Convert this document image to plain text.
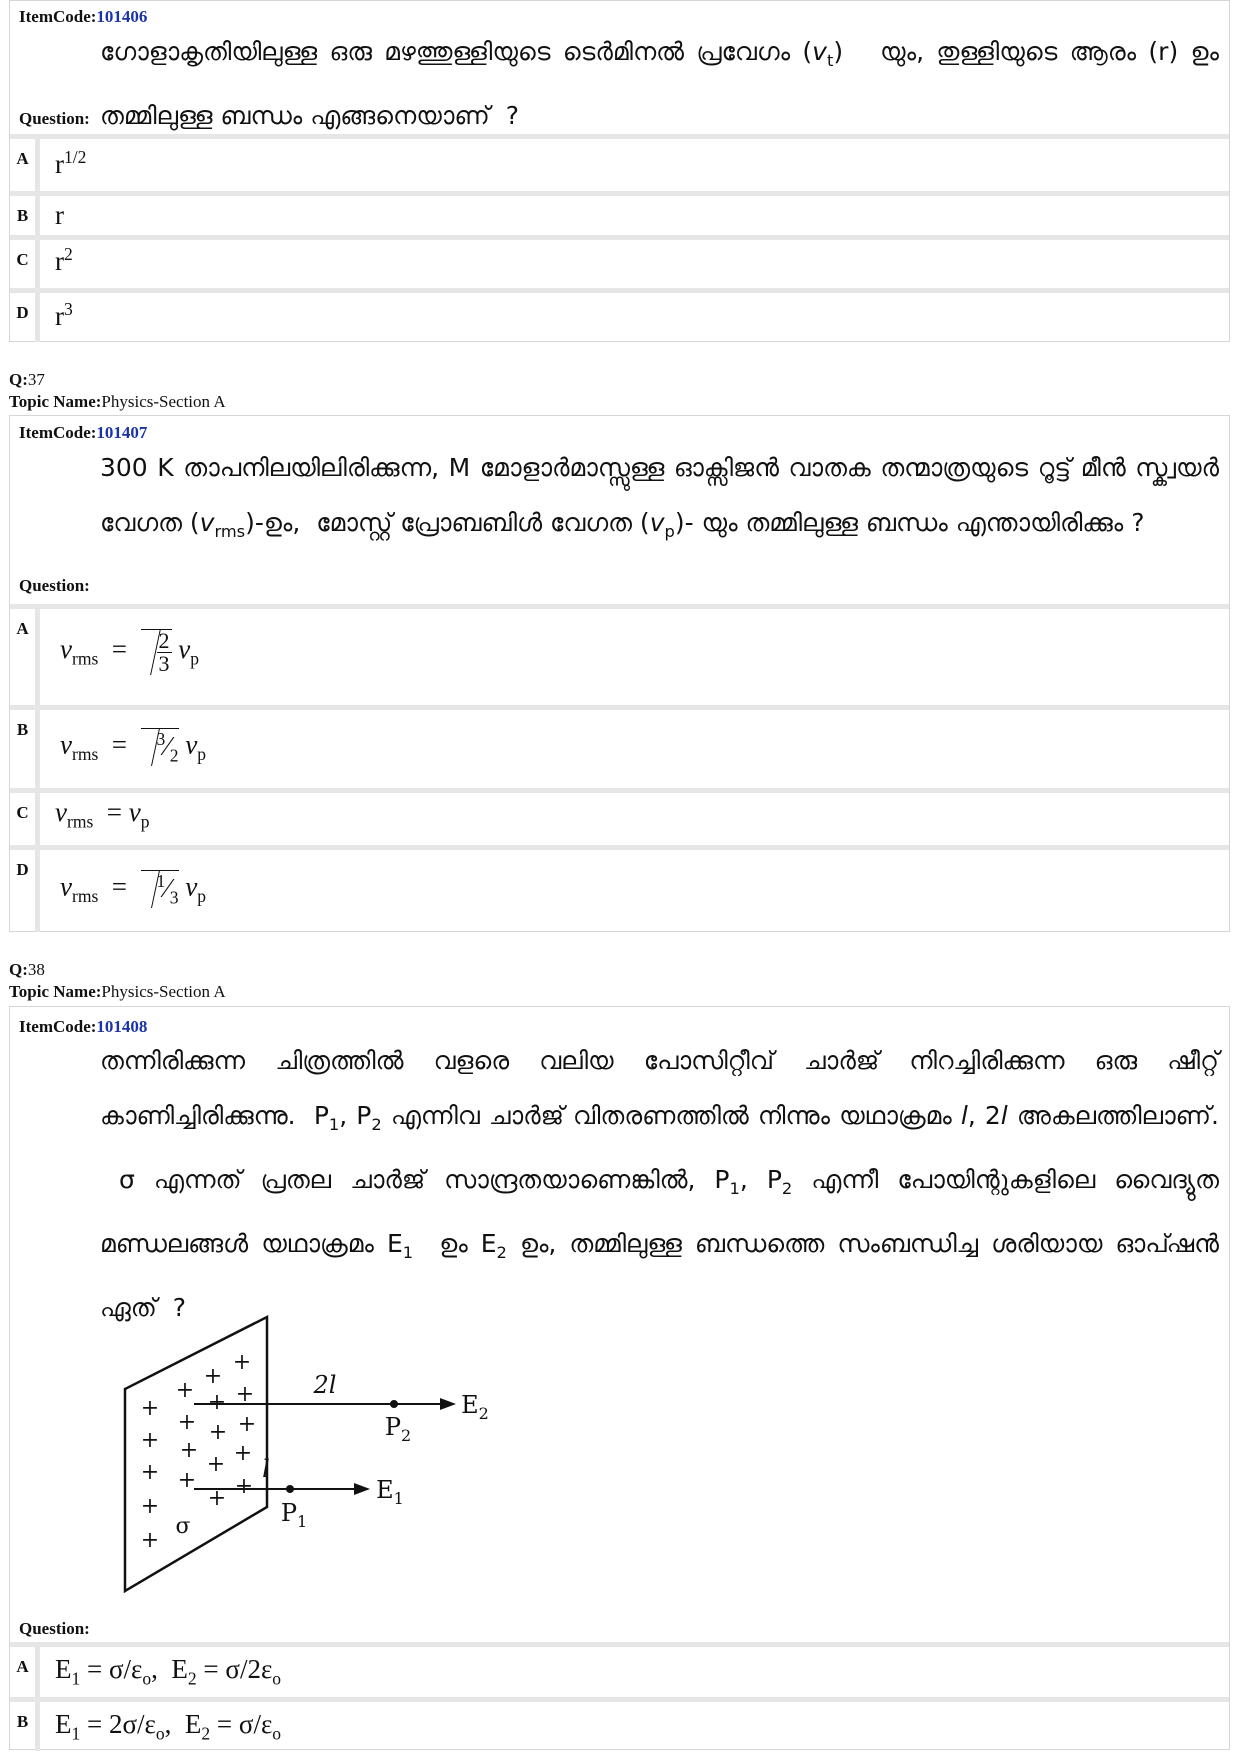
ItemCode:101406
ഗോളാകൃതിയിലുള്ള ഒരു മഴത്തുള്ളിയുടെ ടെർമിനൽ പ്രവേഗം $(v_t)$   യും, തുള്ളിയുടെ ആരം (r) ഉം തമ്മിലുള്ള ബന്ധം എങ്ങനെയാണ്  ?
Question:
A $r^{1/2}$
B r
C $r^2$
D $r^3$
Q:37
Topic Name:Physics-Section A
ItemCode:101407
300 K താപനിലയിലിരിക്കുന്ന, M മോളാർമാസ്സുള്ള ഓക്സിജൻ വാതക തന്മാത്രയുടെ റൂട്ട് മീൻ സ്ക്വയർ വേഗത $(v_{rms})-ഉം$,  മോസ്റ്റ് പ്രോബബിൾ വേഗത $(v_p)-$ യും തമ്മിലുള്ള ബന്ധം എന്തായിരിക്കും ?
Question:
A
$v_{rms} = \frac{2}{3} v_p$
B	$v_{rms}$  =  $^3⁄_2$ $v_p$
C $v_{rms} = v_p$
D
$v_{rms}$  =  $^1⁄_3$ $v_p$
Q:38
Topic Name:Physics-Section A
ItemCode:101408
തന്നിരിക്കുന്ന ചിത്രത്തിൽ വളരെ വലിയ പോസിറ്റീവ് ചാർജ് നിറച്ചിരിക്കുന്ന ഒരു ഷീറ്റ് കാണിച്ചിരിക്കുന്നു.  $P_1$, $P_2$ എന്നിവ ചാർജ് വിതരണത്തിൽ നിന്നും യഥാക്രമം l, 2l അകലത്തിലാണ്.  σ എന്നത് പ്രതല ചാർജ് സാന്ദ്രതയാണെങ്കിൽ, $P_1$, $P_2$ എന്നീ പോയിന്റുകളിലെ വൈദ്യുത മണ്ഡലങ്ങൾ യഥാക്രമം $E_1$  ഉം $E_2$ ഉം, തമ്മിലുള്ള ബന്ധത്തെ സംബന്ധിച്ച ശരിയായ ഓപ്ഷൻ ഏത്  ?
+
+
+ +
+
+
+ +
+
+ + +
+
+ + +
+
+
+
σ
2l
$P_2$
$E_2$
l
$P_1$
$E_1$
Question:
A $E_1 = \sigma/\varepsilon_o$,  $E_2 = \sigma/2\varepsilon_o$
B $E_1 = 2\sigma/\varepsilon_o$,  $E_2 = \sigma/\varepsilon_o$
